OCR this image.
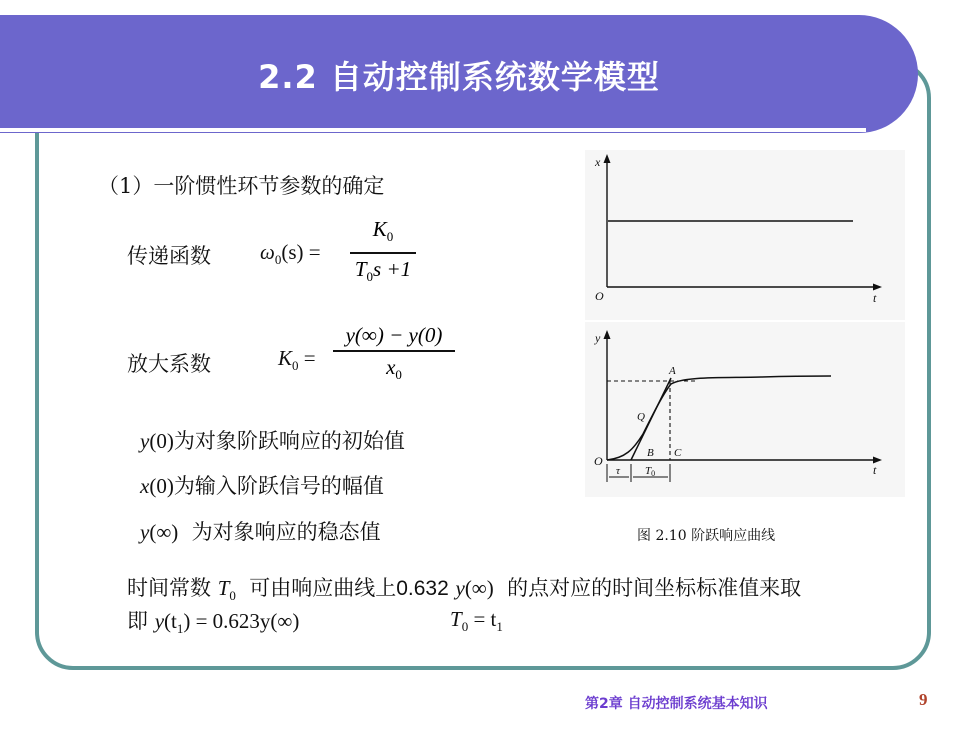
2.2 自动控制系统数学模型
（1）一阶惯性环节参数的确定
传递函数 $\omega_0(s)$ =
$K_0$
$T_0s +1$
放大系数	$K_0$ =
y(∞) − y(0)
$x_0$
y(0)为对象阶跃响应的初始值
x(0)为输入阶跃信号的幅值
y(∞) 为对象响应的稳态值
时间常数 $T_0$ 可由响应曲线上0.632 y(∞) 的点对应的时间坐标标准值来取
即 $y(t_1) = 0.623y(\infty)$	$T_0 = t_1$
x
O	t
y
O
t
A
Q
B C
τ T0
图 2.10 阶跃响应曲线
第2章 自动控制系统基本知识	9
